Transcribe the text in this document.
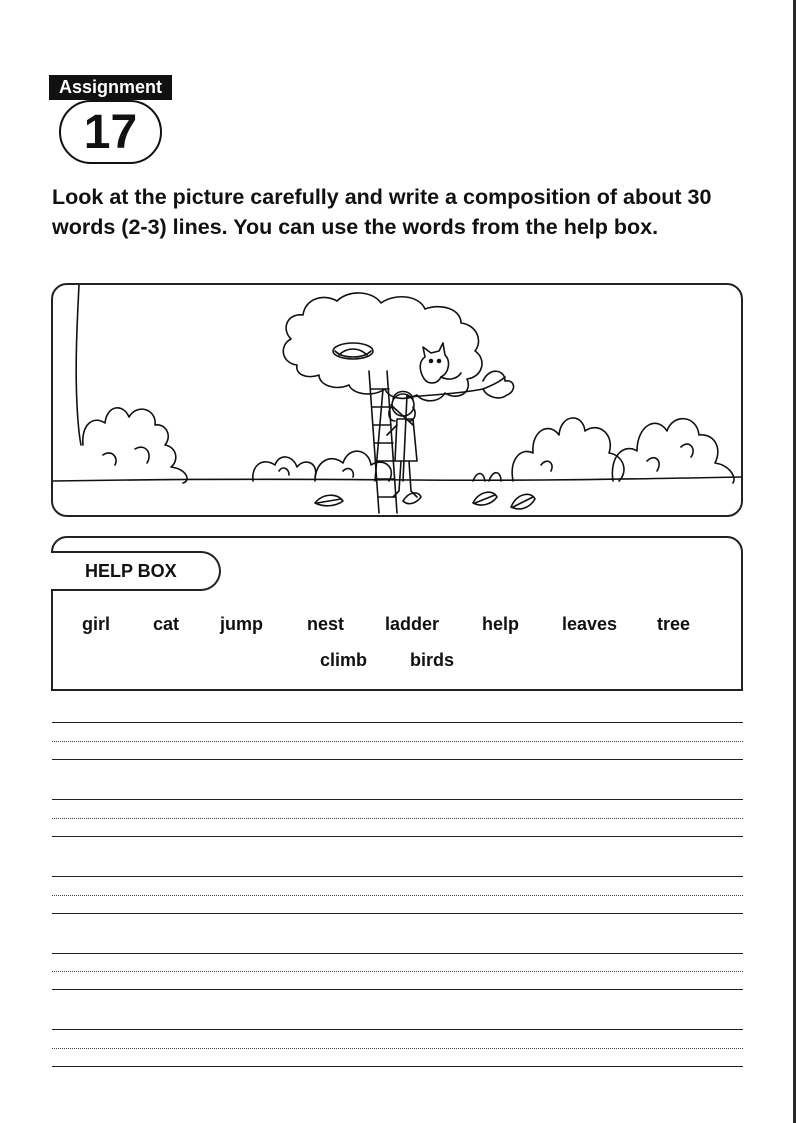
Assignment
17

Look at the picture carefully and write a composition of about 30 words (2-3) lines. You can use the words from the help box.

HELP BOX
girl cat jump nest ladder help leaves tree
climb birds
